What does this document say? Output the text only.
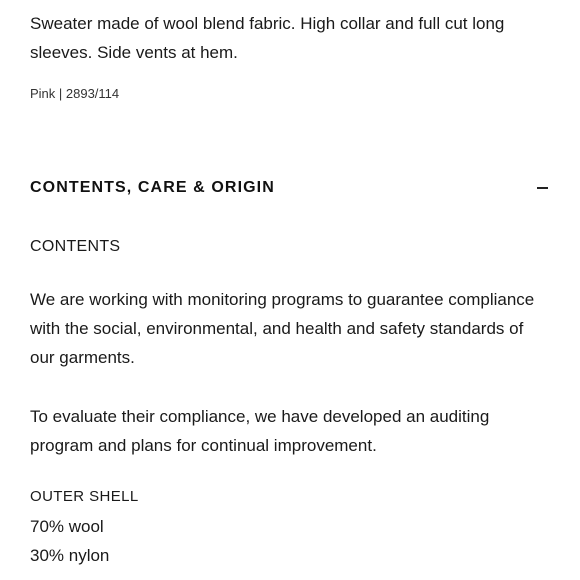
Sweater made of wool blend fabric. High collar and full cut long sleeves. Side vents at hem.
Pink | 2893/114
CONTENTS, CARE & ORIGIN
CONTENTS
We are working with monitoring programs to guarantee compliance with the social, environmental, and health and safety standards of our garments.
To evaluate their compliance, we have developed an auditing program and plans for continual improvement.
OUTER SHELL
70% wool
30% nylon
